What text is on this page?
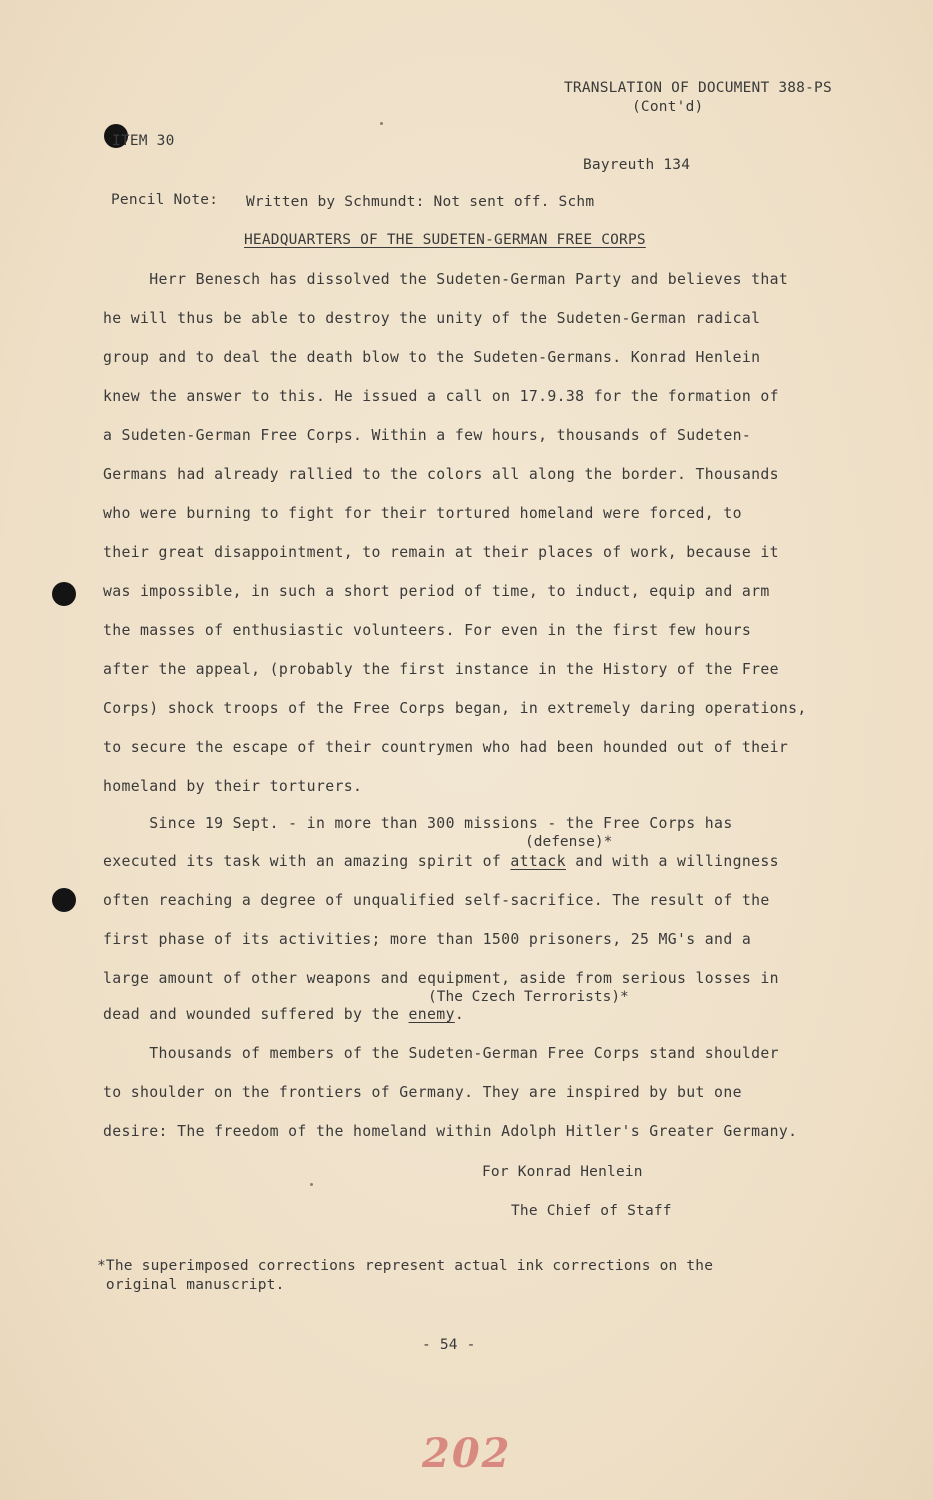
TRANSLATION OF DOCUMENT 388-PS
(Cont'd)
ITEM 30
Bayreuth 134
Pencil Note: Written by Schmundt: Not sent off. Schm
HEADQUARTERS OF THE SUDETEN-GERMAN FREE CORPS
Herr Benesch has dissolved the Sudeten-German Party and believes that
he will thus be able to destroy the unity of the Sudeten-German radical
group and to deal the death blow to the Sudeten-Germans. Konrad Henlein
knew the answer to this. He issued a call on 17.9.38 for the formation of
a Sudeten-German Free Corps. Within a few hours, thousands of Sudeten-
Germans had already rallied to the colors all along the border. Thousands
who were burning to fight for their tortured homeland were forced, to
their great disappointment, to remain at their places of work, because it
was impossible, in such a short period of time, to induct, equip and arm
the masses of enthusiastic volunteers. For even in the first few hours
after the appeal, (probably the first instance in the History of the Free
Corps) shock troops of the Free Corps began, in extremely daring operations,
to secure the escape of their countrymen who had been hounded out of their
homeland by their torturers.
Since 19 Sept. - in more than 300 missions - the Free Corps has
(defense)*
executed its task with an amazing spirit of attack and with a willingness
often reaching a degree of unqualified self-sacrifice. The result of the
first phase of its activities; more than 1500 prisoners, 25 MG's and a
large amount of other weapons and equipment, aside from serious losses in
(The Czech Terrorists)*
dead and wounded suffered by the enemy.
Thousands of members of the Sudeten-German Free Corps stand shoulder
to shoulder on the frontiers of Germany. They are inspired by but one
desire: The freedom of the homeland within Adolph Hitler's Greater Germany.
For Konrad Henlein
The Chief of Staff
*The superimposed corrections represent actual ink corrections on the
original manuscript.
- 54 -
202
